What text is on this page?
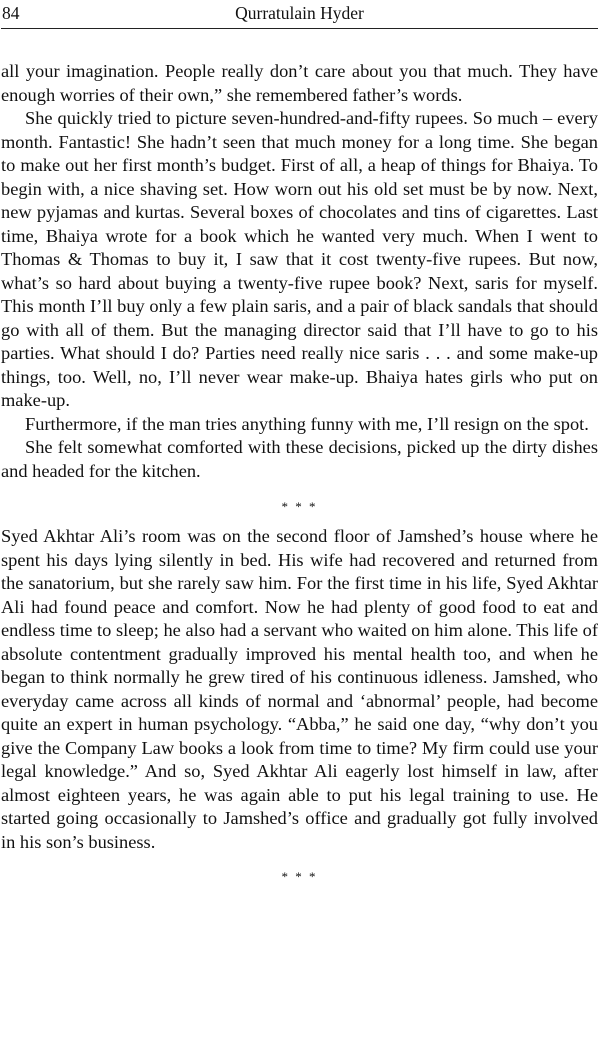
84	Qurratulain Hyder

all your imagination. People really don’t care about you that much. They have enough worries of their own,” she remembered father’s words.

She quickly tried to picture seven-hundred-and-fifty rupees. So much – every month. Fantastic! She hadn’t seen that much money for a long time. She began to make out her first month’s budget. First of all, a heap of things for Bhaiya. To begin with, a nice shaving set. How worn out his old set must be by now. Next, new pyjamas and kurtas. Several boxes of chocolates and tins of cigarettes. Last time, Bhaiya wrote for a book which he wanted very much. When I went to Thomas & Thomas to buy it, I saw that it cost twenty-five rupees. But now, what’s so hard about buying a twenty-five rupee book? Next, saris for myself. This month I’ll buy only a few plain saris, and a pair of black sandals that should go with all of them. But the managing director said that I’ll have to go to his parties. What should I do? Parties need really nice saris . . . and some make-up things, too. Well, no, I’ll never wear make-up. Bhaiya hates girls who put on make-up.

Furthermore, if the man tries anything funny with me, I’ll resign on the spot.

She felt somewhat comforted with these decisions, picked up the dirty dishes and headed for the kitchen.

* * *

Syed Akhtar Ali’s room was on the second floor of Jamshed’s house where he spent his days lying silently in bed. His wife had recovered and returned from the sanatorium, but she rarely saw him. For the first time in his life, Syed Akhtar Ali had found peace and comfort. Now he had plenty of good food to eat and endless time to sleep; he also had a servant who waited on him alone. This life of absolute contentment gradually improved his mental health too, and when he began to think normally he grew tired of his continuous idleness. Jamshed, who everyday came across all kinds of normal and ‘abnormal’ people, had become quite an expert in human psychology. “Abba,” he said one day, “why don’t you give the Company Law books a look from time to time? My firm could use your legal knowledge.” And so, Syed Akhtar Ali eagerly lost himself in law, after almost eighteen years, he was again able to put his legal training to use. He started going occasionally to Jamshed’s office and gradually got fully involved in his son’s business.

* * *
